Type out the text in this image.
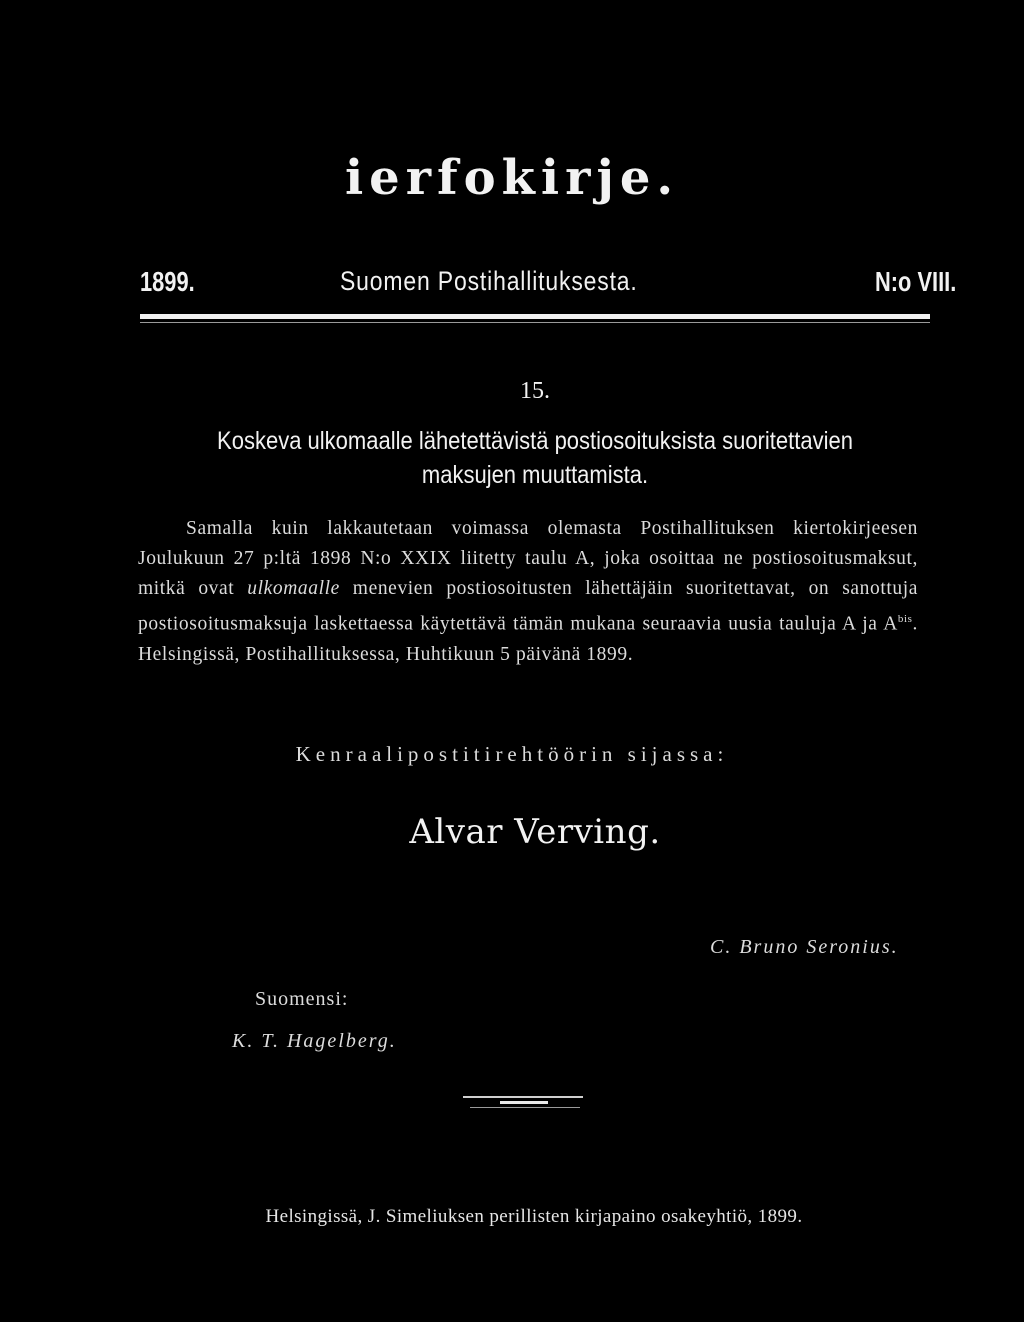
ierfokirje.
1899.	Suomen Postihallituksesta.	N:o VIII.
15.
Koskeva ulkomaalle lähetettävistä postiosoituksista suoritettavien
maksujen muuttamista.

Samalla kuin lakkautetaan voimassa olemasta Postihallituksen kiertokirjeesen Joulukuun 27 p:ltä 1898 N:o XXIX liitetty taulu A, joka osoittaa ne postiosoitusmaksut, mitkä ovat ulkomaalle menevien postiosoitusten lähettäjäin suoritettavat, on sanottuja postiosoitusmaksuja laskettaessa käytettävä tämän mukana seuraavia uusia tauluja A ja $A^{bis}$. Helsingissä, Postihallituksessa, Huhtikuun 5 päivänä 1899.

Kenraalipostitirehtöörin sijassa:
Alvar Verving.
C. Bruno Seronius.
Suomensi:
K. T. Hagelberg.
Helsingissä, J. Simeliuksen perillisten kirjapaino osakeyhtiö, 1899.
